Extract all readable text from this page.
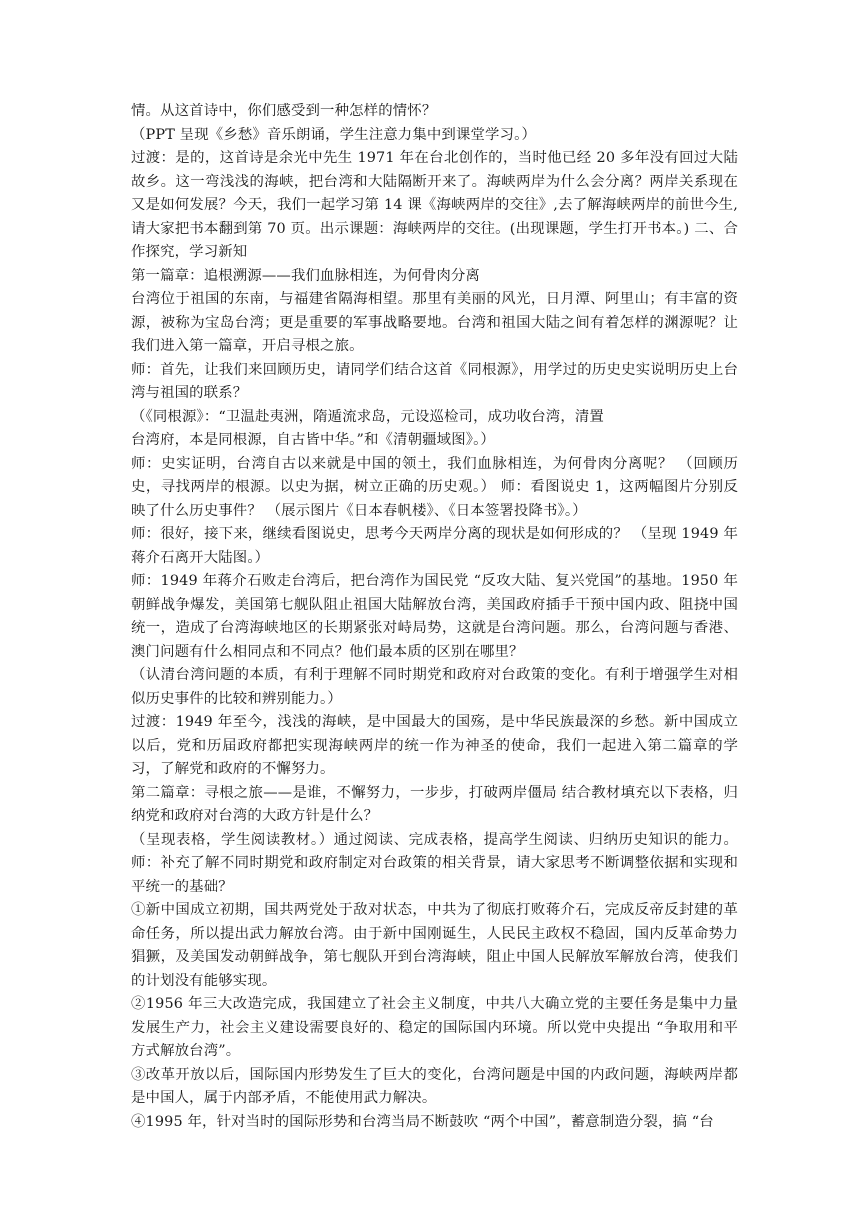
情。从这首诗中，你们感受到一种怎样的情怀？

（PPT 呈现《乡愁》音乐朗诵，学生注意力集中到课堂学习。）

过渡：是的，这首诗是余光中先生 1971 年在台北创作的，当时他已经 20 多年没有回过大陆故乡。这一弯浅浅的海峡，把台湾和大陆隔断开来了。海峡两岸为什么会分离？两岸关系现在又是如何发展？今天，我们一起学习第 14 课《海峡两岸的交往》,去了解海峡两岸的前世今生,请大家把书本翻到第 70 页。出示课题：海峡两岸的交往。(出现课题，学生打开书本。) 二、合作探究，学习新知

第一篇章：追根溯源——我们血脉相连，为何骨肉分离

台湾位于祖国的东南，与福建省隔海相望。那里有美丽的风光，日月潭、阿里山；有丰富的资源，被称为宝岛台湾；更是重要的军事战略要地。台湾和祖国大陆之间有着怎样的渊源呢？让我们进入第一篇章，开启寻根之旅。

师：首先，让我们来回顾历史，请同学们结合这首《同根源》，用学过的历史史实说明历史上台湾与祖国的联系？

（《同根源》：“卫温赴夷洲，隋遁流求岛，元设巡检司，成功收台湾，清置

台湾府，本是同根源，自古皆中华。”和《清朝疆域图》。）

师：史实证明，台湾自古以来就是中国的领土，我们血脉相连，为何骨肉分离呢？ （回顾历史，寻找两岸的根源。以史为据，树立正确的历史观。） 师：看图说史 1，这两幅图片分别反映了什么历史事件？ （展示图片《日本春帆楼》、《日本签署投降书》。）

师：很好，接下来，继续看图说史，思考今天两岸分离的现状是如何形成的？ （呈现 1949 年蒋介石离开大陆图。）

师：1949 年蒋介石败走台湾后，把台湾作为国民党 “反攻大陆、复兴党国”的基地。1950 年朝鲜战争爆发，美国第七舰队阻止祖国大陆解放台湾，美国政府插手干预中国内政、阻挠中国统一，造成了台湾海峡地区的长期紧张对峙局势，这就是台湾问题。那么，台湾问题与香港、澳门问题有什么相同点和不同点？他们最本质的区别在哪里？

（认清台湾问题的本质，有利于理解不同时期党和政府对台政策的变化。有利于增强学生对相似历史事件的比较和辨别能力。）

过渡：1949 年至今，浅浅的海峡，是中国最大的国殇，是中华民族最深的乡愁。新中国成立以后，党和历届政府都把实现海峡两岸的统一作为神圣的使命，我们一起进入第二篇章的学习，了解党和政府的不懈努力。

第二篇章：寻根之旅——是谁，不懈努力，一步步，打破两岸僵局 结合教材填充以下表格，归纳党和政府对台湾的大政方针是什么？

（呈现表格，学生阅读教材。）通过阅读、完成表格，提高学生阅读、归纳历史知识的能力。师：补充了解不同时期党和政府制定对台政策的相关背景，请大家思考不断调整依据和实现和平统一的基础？

①新中国成立初期，国共两党处于敌对状态，中共为了彻底打败蒋介石，完成反帝反封建的革命任务，所以提出武力解放台湾。由于新中国刚诞生，人民民主政权不稳固，国内反革命势力猖獗，及美国发动朝鲜战争，第七舰队开到台湾海峡，阻止中国人民解放军解放台湾，使我们的计划没有能够实现。

②1956 年三大改造完成，我国建立了社会主义制度，中共八大确立党的主要任务是集中力量发展生产力，社会主义建设需要良好的、稳定的国际国内环境。所以党中央提出 “争取用和平方式解放台湾”。

③改革开放以后，国际国内形势发生了巨大的变化，台湾问题是中国的内政问题，海峡两岸都是中国人，属于内部矛盾，不能使用武力解决。

④1995 年，针对当时的国际形势和台湾当局不断鼓吹 “两个中国”，蓄意制造分裂，搞 “台
